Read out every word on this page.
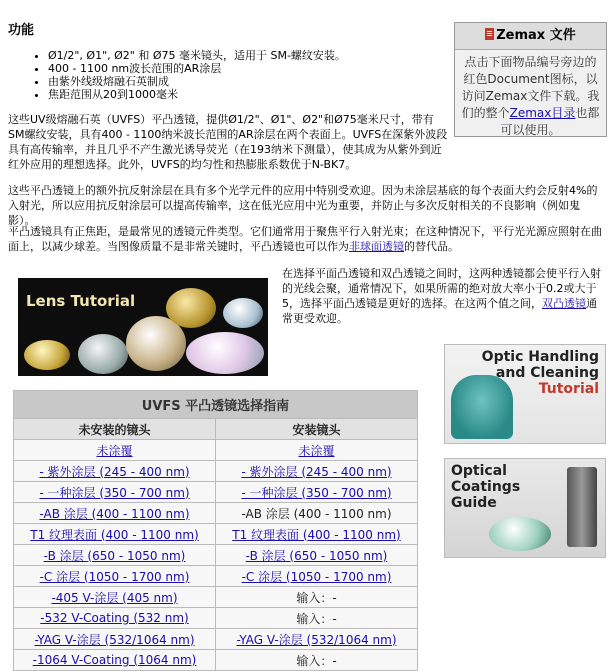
功能
• Ø1/2", Ø1", Ø2" 和 Ø75 毫米镜头，适用于 SM-螺纹安装。
• 400 - 1100 nm波长范围的AR涂层
• 由紫外线级熔融石英制成
• 焦距范围从20到1000毫米
Zemax 文件
点击下面物品编号旁边的红色Document图标，以访问Zemax文件下载。我们的整个Zemax目录也都可以使用。

这些UV级熔融石英（UVFS）平凸透镜，提供Ø1/2"、Ø1"、Ø2"和Ø75毫米尺寸，带有SM螺纹安装，具有400 - 1100纳米波长范围的AR涂层在两个表面上。UVFS在深紫外波段具有高传输率，并且几乎不产生激光诱导荧光（在193纳米下测量），使其成为从紫外到近红外应用的理想选择。此外，UVFS的均匀性和热膨胀系数优于N-BK7。

这些平凸透镜上的额外抗反射涂层在具有多个光学元件的应用中特别受欢迎。因为未涂层基底的每个表面大约会反射4%的入射光，所以应用抗反射涂层可以提高传输率，这在低光应用中光为重要，并防止与多次反射相关的不良影响（例如鬼影）。

平凸透镜具有正焦距，是最常见的透镜元件类型。它们通常用于聚焦平行入射光束；在这种情况下，平行光光源应照射在曲面上，以减少球差。当图像质量不是非常关键时，平凸透镜也可以作为非球面透镜的替代品。

Lens Tutorial

在选择平面凸透镜和双凸透镜之间时，这两种透镜都会使平行入射的光线会聚，通常情况下，如果所需的绝对放大率小于0.2或大于5，选择平面凸透镜是更好的选择。在这两个值之间，双凸透镜通常更受欢迎。

Optic Handling
and Cleaning
Tutorial
Optical
Coatings
Guide
UVFS 平凸透镜选择指南	
未安装的镜头	安装镜头
未涂覆	未涂覆
- 紫外涂层 (245 - 400 nm)	- 紫外涂层 (245 - 400 nm)
- 一种涂层 (350 - 700 nm)	- 一种涂层 (350 - 700 nm)
-AB 涂层 (400 - 1100 nm)	-AB 涂层 (400 - 1100 nm)
T1 纹理表面 (400 - 1100 nm)	T1 纹理表面 (400 - 1100 nm)
-B 涂层 (650 - 1050 nm)	-B 涂层 (650 - 1050 nm)
-C 涂层 (1050 - 1700 nm)	-C 涂层 (1050 - 1700 nm)
-405 V-涂层 (405 nm)	输入：-
-532 V-Coating (532 nm)	输入：-
-YAG V-涂层 (532/1064 nm)	-YAG V-涂层 (532/1064 nm)
-1064 V-Coating (1064 nm)	输入：-
